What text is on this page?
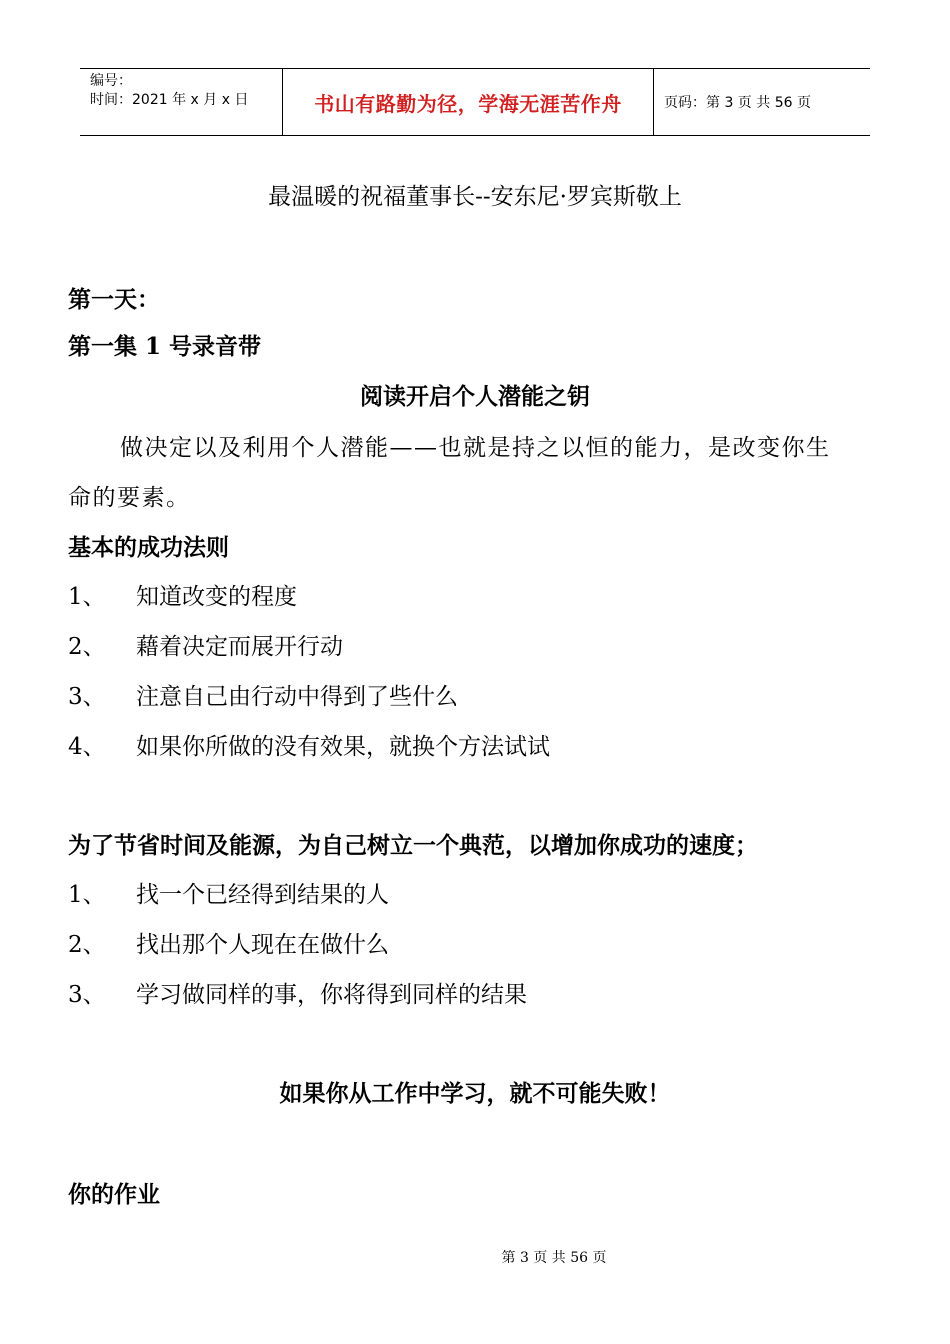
编号：
时间：2021 年 x 月 x 日	书山有路勤为径，学海无涯苦作舟	页码：第 3 页 共 56 页
最温暖的祝福董事长--安东尼·罗宾斯敬上
第一天：
第一集 1 号录音带
阅读开启个人潜能之钥
做决定以及利用个人潜能——也就是持之以恒的能力，是改变你生
命的要素。
基本的成功法则
1、 知道改变的程度
2、 藉着决定而展开行动
3、 注意自己由行动中得到了些什么
4、 如果你所做的没有效果，就换个方法试试
为了节省时间及能源，为自己树立一个典范，以增加你成功的速度；
1、 找一个已经得到结果的人
2、 找出那个人现在在做什么
3、 学习做同样的事，你将得到同样的结果
如果你从工作中学习，就不可能失败！
你的作业
第 3 页 共 56 页
